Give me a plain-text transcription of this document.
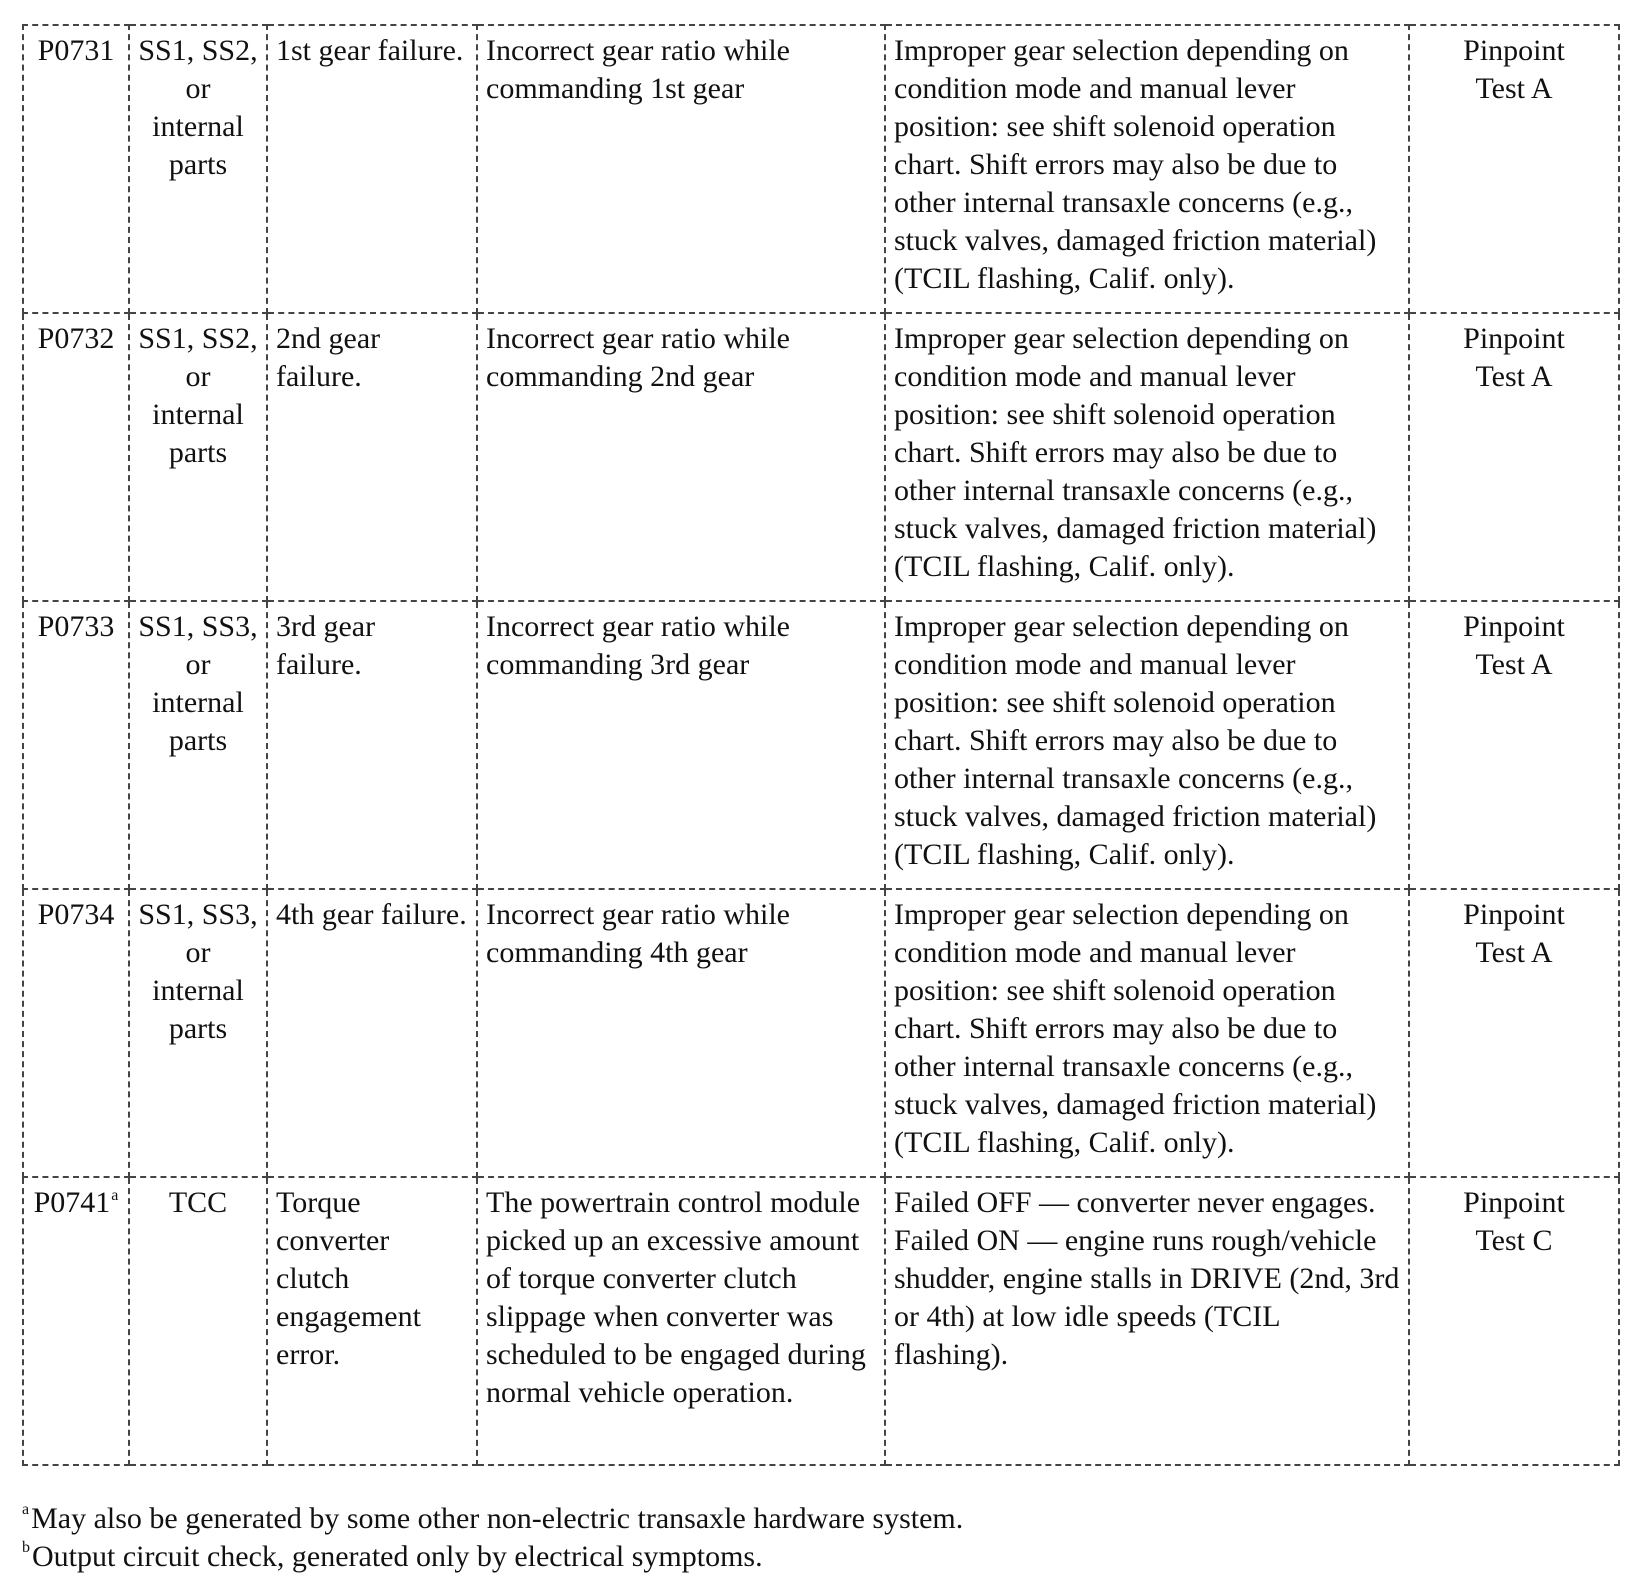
P0731	SS1, SS2, or internal parts	1st gear failure.	Incorrect gear ratio while commanding 1st gear	Improper gear selection depending on condition mode and manual lever position: see shift solenoid operation chart. Shift errors may also be due to other internal transaxle concerns (e.g., stuck valves, damaged friction material) (TCIL flashing, Calif. only).	Pinpoint
Test A

P0732	SS1, SS2, or internal parts	2nd gear failure.	Incorrect gear ratio while commanding 2nd gear	Improper gear selection depending on condition mode and manual lever position: see shift solenoid operation chart. Shift errors may also be due to other internal transaxle concerns (e.g., stuck valves, damaged friction material) (TCIL flashing, Calif. only).	Pinpoint
Test A

P0733	SS1, SS3, or internal parts	3rd gear failure.	Incorrect gear ratio while commanding 3rd gear	Improper gear selection depending on condition mode and manual lever position: see shift solenoid operation chart. Shift errors may also be due to other internal transaxle concerns (e.g., stuck valves, damaged friction material) (TCIL flashing, Calif. only).	Pinpoint
Test A

P0734	SS1, SS3, or internal parts	4th gear failure.	Incorrect gear ratio while commanding 4th gear	Improper gear selection depending on condition mode and manual lever position: see shift solenoid operation chart. Shift errors may also be due to other internal transaxle concerns (e.g., stuck valves, damaged friction material) (TCIL flashing, Calif. only).	Pinpoint
Test A

P0741$^a$	TCC	Torque converter clutch engagement error.	The powertrain control module picked up an excessive amount of torque converter clutch slippage when converter was scheduled to be engaged during normal vehicle operation.	Failed OFF — converter never engages.
Failed ON — engine runs rough/vehicle shudder, engine stalls in DRIVE (2nd, 3rd or 4th) at low idle speeds (TCIL flashing).	Pinpoint
Test C
$^a$May also be generated by some other non-electric transaxle hardware system.
$^b$Output circuit check, generated only by electrical symptoms.
